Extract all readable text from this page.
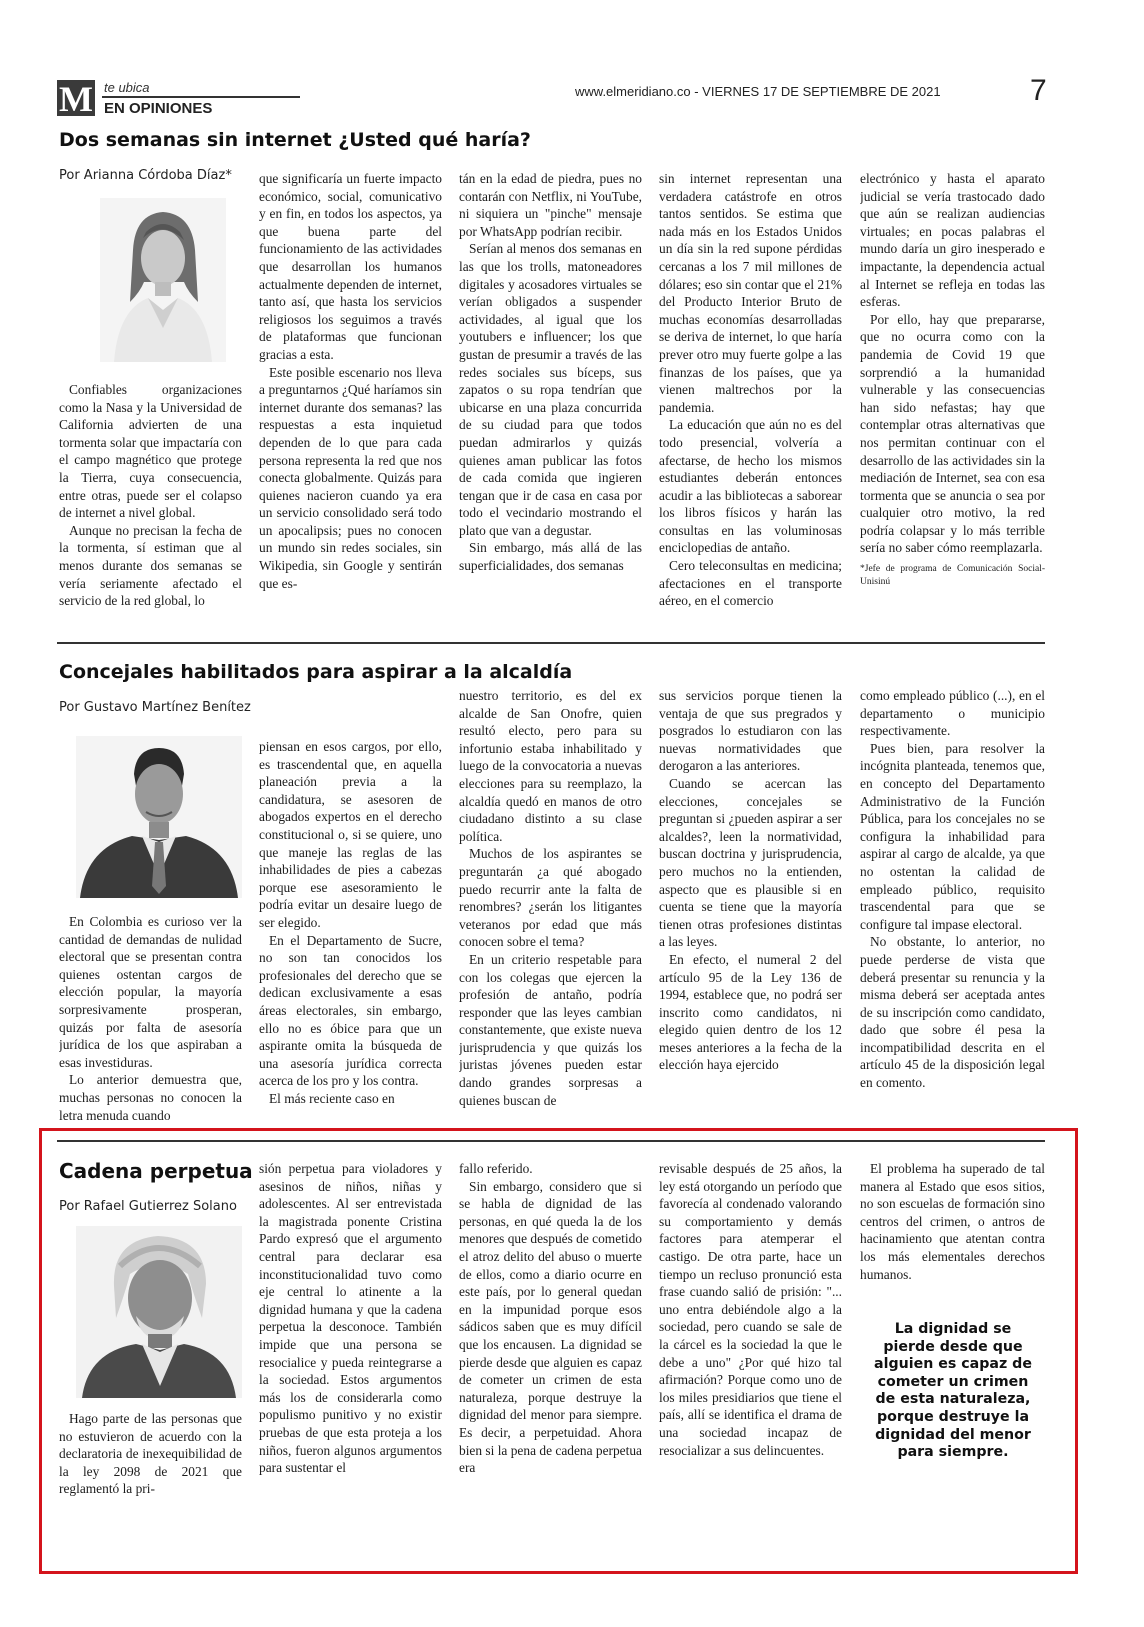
M te ubica
EN OPINIONES
www.elmeridiano.co - VIERNES 17 DE SEPTIEMBRE DE 2021	7
Dos semanas sin internet ¿Usted qué haría?
Por Arianna Córdoba Díaz*

Confiables organizaciones como la Nasa y la Universidad de California advierten de una tormenta solar que impactaría con el campo magnético que protege la Tierra, cuya consecuencia, entre otras, puede ser el colapso de internet a nivel global.

Aunque no precisan la fecha de la tormenta, sí estiman que al menos durante dos semanas se vería seriamente afectado el servicio de la red global, lo

que significaría un fuerte impacto económico, social, comunicativo y en fin, en todos los aspectos, ya que buena parte del funcionamiento de las actividades que desarrollan los humanos actualmente dependen de internet, tanto así, que hasta los servicios religiosos los seguimos a través de plataformas que funcionan gracias a esta.

Este posible escenario nos lleva a preguntarnos ¿Qué haríamos sin internet durante dos semanas? las respuestas a esta inquietud dependen de lo que para cada persona representa la red que nos conecta globalmente. Quizás para quienes nacieron cuando ya era un servicio consolidado será todo un apocalipsis; pues no conocen un mundo sin redes sociales, sin Wikipedia, sin Google y sentirán que es-

tán en la edad de piedra, pues no contarán con Netflix, ni YouTube, ni siquiera un "pinche" mensaje por WhatsApp podrían recibir.

Serían al menos dos semanas en las que los trolls, matoneadores digitales y acosadores virtuales se verían obligados a suspender actividades, al igual que los youtubers e influencer; los que gustan de presumir a través de las redes sociales sus bíceps, sus zapatos o su ropa tendrían que ubicarse en una plaza concurrida de su ciudad para que todos puedan admirarlos y quizás quienes aman publicar las fotos de cada comida que ingieren tengan que ir de casa en casa por todo el vecindario mostrando el plato que van a degustar.

Sin embargo, más allá de las superficialidades, dos semanas

sin internet representan una verdadera catástrofe en otros tantos sentidos. Se estima que nada más en los Estados Unidos un día sin la red supone pérdidas cercanas a los 7 mil millones de dólares; eso sin contar que el 21% del Producto Interior Bruto de muchas economías desarrolladas se deriva de internet, lo que haría prever otro muy fuerte golpe a las finanzas de los países, que ya vienen maltrechos por la pandemia.

La educación que aún no es del todo presencial, volvería a afectarse, de hecho los mismos estudiantes deberán entonces acudir a las bibliotecas a saborear los libros físicos y harán las consultas en las voluminosas enciclopedias de antaño.

Cero teleconsultas en medicina; afectaciones en el transporte aéreo, en el comercio

electrónico y hasta el aparato judicial se vería trastocado dado que aún se realizan audiencias virtuales; en pocas palabras el mundo daría un giro inesperado e impactante, la dependencia actual al Internet se refleja en todas las esferas.

Por ello, hay que prepararse, que no ocurra como con la pandemia de Covid 19 que sorprendió a la humanidad vulnerable y las consecuencias han sido nefastas; hay que contemplar otras alternativas que nos permitan continuar con el desarrollo de las actividades sin la mediación de Internet, sea con esa tormenta que se anuncia o sea por cualquier otro motivo, la red podría colapsar y lo más terrible sería no saber cómo reemplazarla.

*Jefe de programa de Comunicación Social-Unisinú

Concejales habilitados para aspirar a la alcaldía
Por Gustavo Martínez Benítez

En Colombia es curioso ver la cantidad de demandas de nulidad electoral que se presentan contra quienes ostentan cargos de elección popular, la mayoría sorpresivamente prosperan, quizás por falta de asesoría jurídica de los que aspiraban a esas investiduras.

Lo anterior demuestra que, muchas personas no conocen la letra menuda cuando

piensan en esos cargos, por ello, es trascendental que, en aquella planeación previa a la candidatura, se asesoren de abogados expertos en el derecho constitucional o, si se quiere, uno que maneje las reglas de las inhabilidades de pies a cabezas porque ese asesoramiento le podría evitar un desaire luego de ser elegido.

En el Departamento de Sucre, no son tan conocidos los profesionales del derecho que se dedican exclusivamente a esas áreas electorales, sin embargo, ello no es óbice para que un aspirante omita la búsqueda de una asesoría jurídica correcta acerca de los pro y los contra.

El más reciente caso en

nuestro territorio, es del ex alcalde de San Onofre, quien resultó electo, pero para su infortunio estaba inhabilitado y luego de la convocatoria a nuevas elecciones para su reemplazo, la alcaldía quedó en manos de otro ciudadano distinto a su clase política.

Muchos de los aspirantes se preguntarán ¿a qué abogado puedo recurrir ante la falta de renombres? ¿serán los litigantes veteranos por edad que más conocen sobre el tema?

En un criterio respetable para con los colegas que ejercen la profesión de antaño, podría responder que las leyes cambian constantemente, que existe nueva jurisprudencia y que quizás los juristas jóvenes pueden estar dando grandes sorpresas a quienes buscan de

sus servicios porque tienen la ventaja de que sus pregrados y posgrados lo estudiaron con las nuevas normatividades que derogaron a las anteriores.

Cuando se acercan las elecciones, concejales se preguntan si ¿pueden aspirar a ser alcaldes?, leen la normatividad, buscan doctrina y jurisprudencia, pero muchos no la entienden, aspecto que es plausible si en cuenta se tiene que la mayoría tienen otras profesiones distintas a las leyes.

En efecto, el numeral 2 del artículo 95 de la Ley 136 de 1994, establece que, no podrá ser inscrito como candidatos, ni elegido quien dentro de los 12 meses anteriores a la fecha de la elección haya ejercido

como empleado público (...), en el departamento o municipio respectivamente.

Pues bien, para resolver la incógnita planteada, tenemos que, en concepto del Departamento Administrativo de la Función Pública, para los concejales no se configura la inhabilidad para aspirar al cargo de alcalde, ya que no ostentan la calidad de empleado público, requisito trascendental para que se configure tal impase electoral.

No obstante, lo anterior, no puede perderse de vista que deberá presentar su renuncia y la misma deberá ser aceptada antes de su inscripción como candidato, dado que sobre él pesa la incompatibilidad descrita en el artículo 45 de la disposición legal en comento.

Cadena perpetua
Por Rafael Gutierrez Solano

Hago parte de las personas que no estuvieron de acuerdo con la declaratoria de inexequibilidad de la ley 2098 de 2021 que reglamentó la pri-

sión perpetua para violadores y asesinos de niños, niñas y adolescentes. Al ser entrevistada la magistrada ponente Cristina Pardo expresó que el argumento central para declarar esa inconstitucionalidad tuvo como eje central lo atinente a la dignidad humana y que la cadena perpetua la desconoce. También impide que una persona se resocialice y pueda reintegrarse a la sociedad. Estos argumentos más los de considerarla como populismo punitivo y no existir pruebas de que esta proteja a los niños, fueron algunos argumentos para sustentar el

fallo referido.

Sin embargo, considero que si se habla de dignidad de las personas, en qué queda la de los menores que después de cometido el atroz delito del abuso o muerte de ellos, como a diario ocurre en este país, por lo general quedan en la impunidad porque esos sádicos saben que es muy difícil que los encausen. La dignidad se pierde desde que alguien es capaz de cometer un crimen de esta naturaleza, porque destruye la dignidad del menor para siempre. Es decir, a perpetuidad. Ahora bien si la pena de cadena perpetua era

revisable después de 25 años, la ley está otorgando un período que favorecía al condenado valorando su comportamiento y demás factores para atemperar el castigo. De otra parte, hace un tiempo un recluso pronunció esta frase cuando salió de prisión: "... uno entra debiéndole algo a la sociedad, pero cuando se sale de la cárcel es la sociedad la que le debe a uno" ¿Por qué hizo tal afirmación? Porque como uno de los miles presidiarios que tiene el país, allí se identifica el drama de una sociedad incapaz de resocializar a sus delincuentes.

El problema ha superado de tal manera al Estado que esos sitios, no son escuelas de formación sino centros del crimen, o antros de hacinamiento que atentan contra los más elementales derechos humanos.

La dignidad se pierde desde que alguien es capaz de cometer un crimen de esta naturaleza, porque destruye la dignidad del menor para siempre.
